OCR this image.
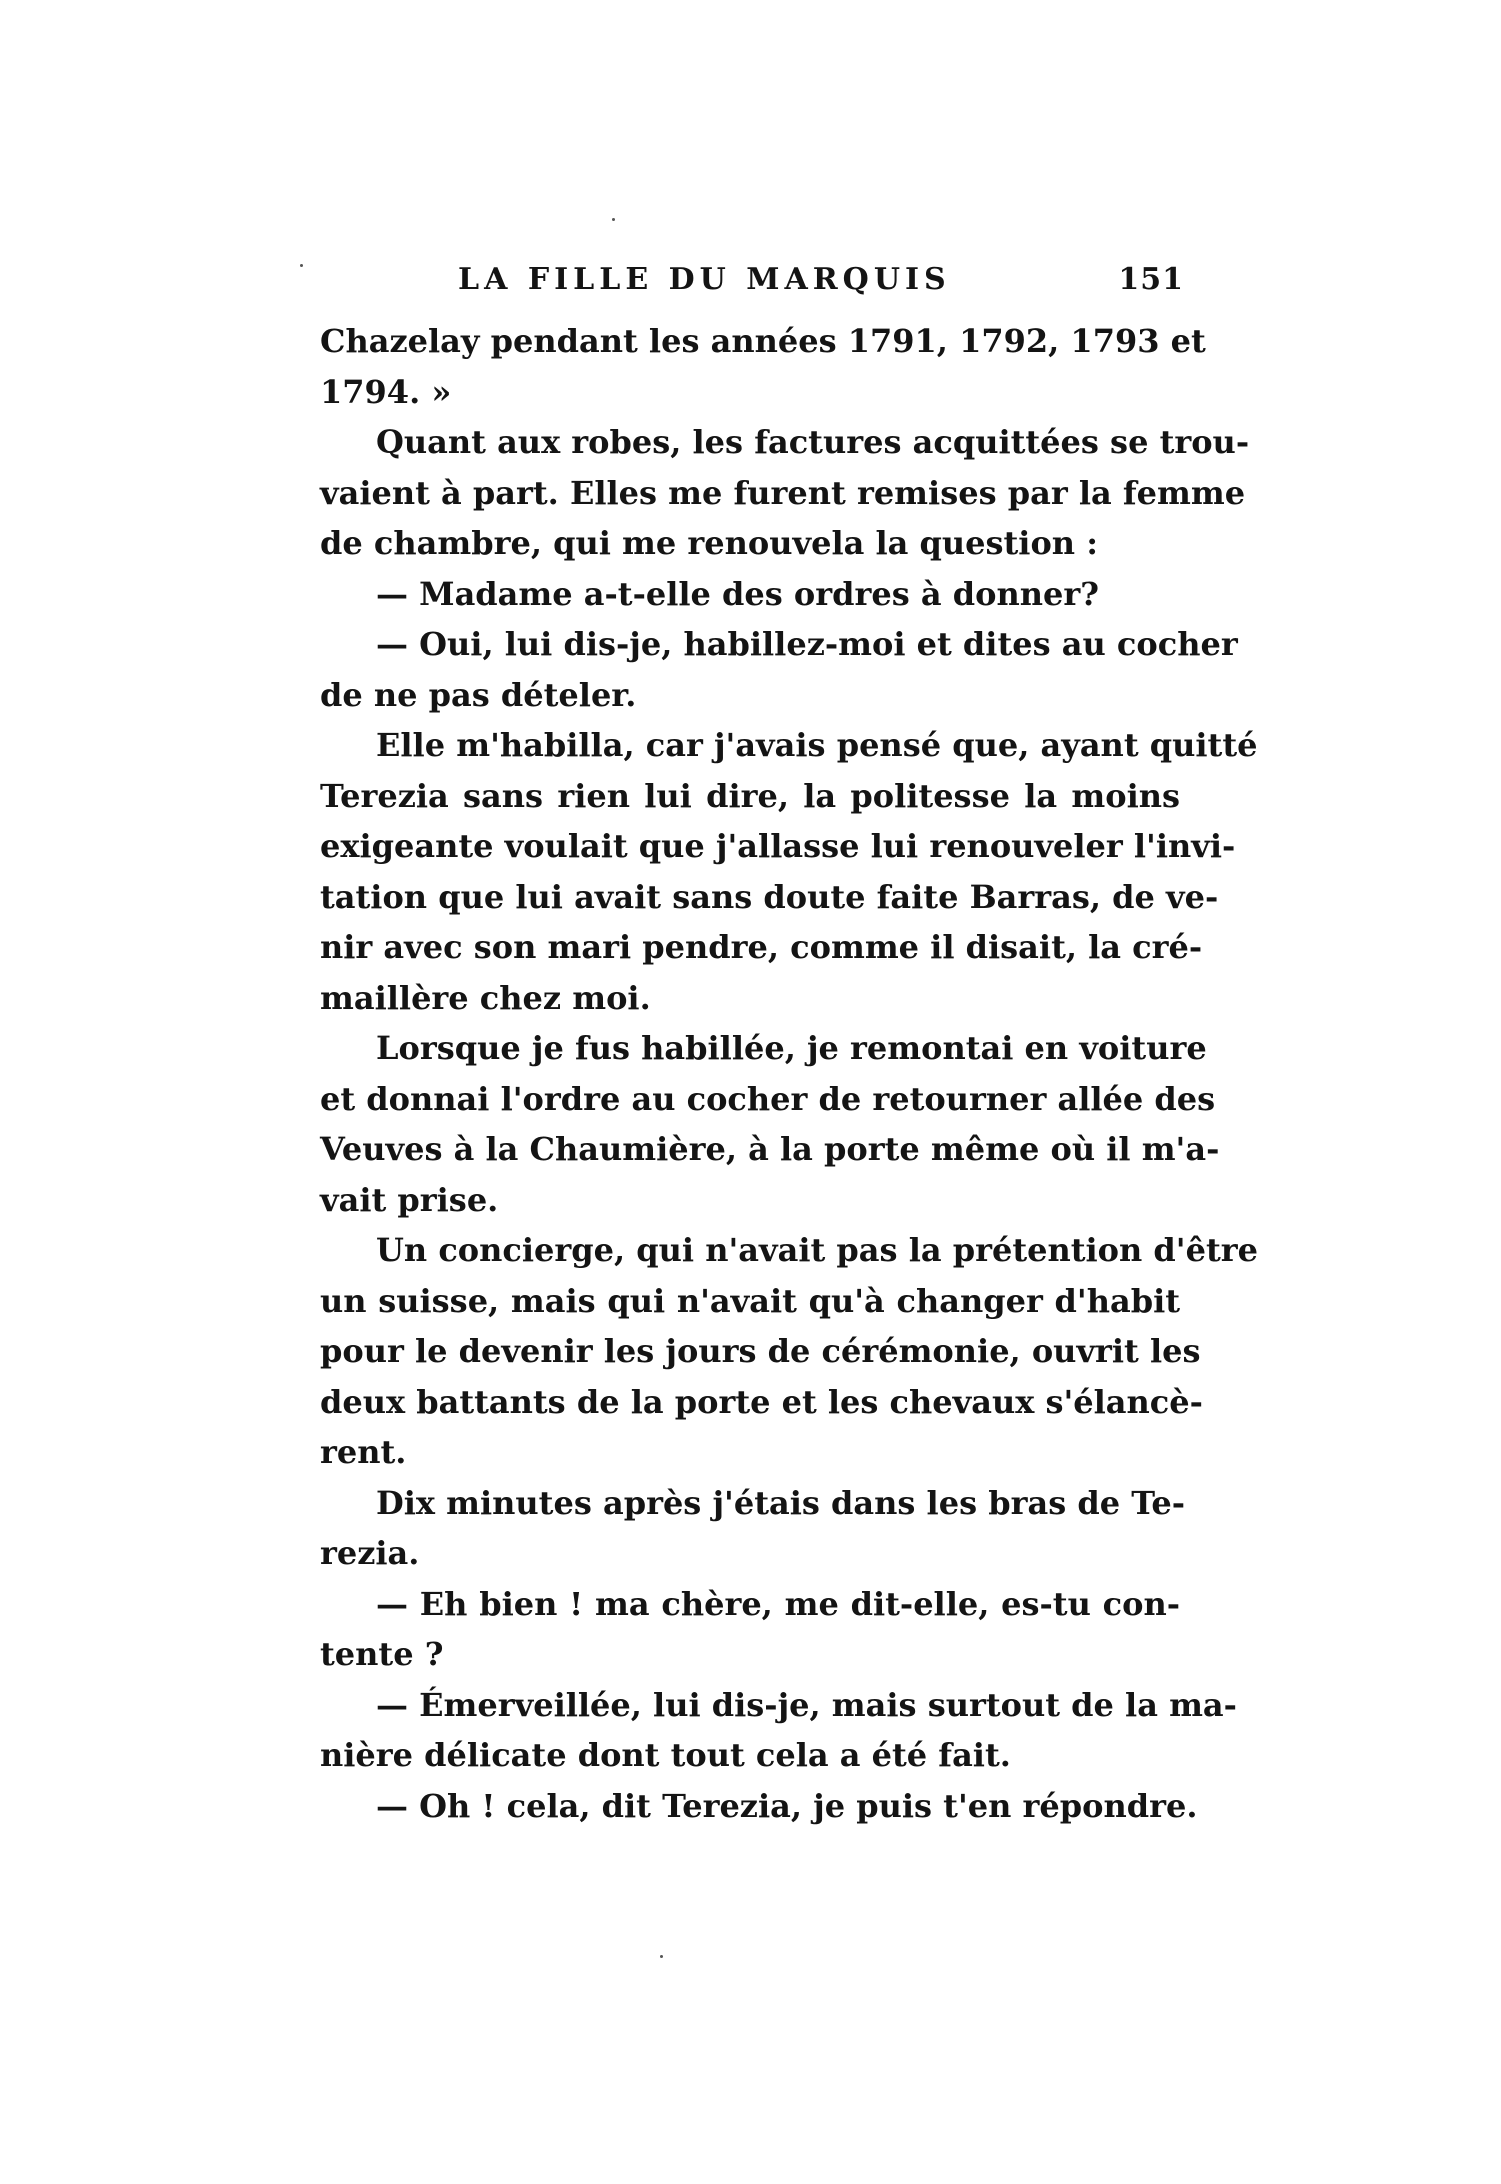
LA FILLE DU MARQUIS	151
Chazelay pendant les années 1791, 1792, 1793 et
1794. »
Quant aux robes, les factures acquittées se trou-
vaient à part. Elles me furent remises par la femme
de chambre, qui me renouvela la question :
— Madame a-t-elle des ordres à donner?
— Oui, lui dis-je, habillez-moi et dites au cocher
de ne pas dételer.
Elle m'habilla, car j'avais pensé que, ayant quitté
Terezia sans rien lui dire, la politesse la moins
exigeante voulait que j'allasse lui renouveler l'invi-
tation que lui avait sans doute faite Barras, de ve-
nir avec son mari pendre, comme il disait, la cré-
maillère chez moi.
Lorsque je fus habillée, je remontai en voiture
et donnai l'ordre au cocher de retourner allée des
Veuves à la Chaumière, à la porte même où il m'a-
vait prise.
Un concierge, qui n'avait pas la prétention d'être
un suisse, mais qui n'avait qu'à changer d'habit
pour le devenir les jours de cérémonie, ouvrit les
deux battants de la porte et les chevaux s'élancè-
rent.
Dix minutes après j'étais dans les bras de Te-
rezia.
— Eh bien ! ma chère, me dit-elle, es-tu con-
tente ?
— Émerveillée, lui dis-je, mais surtout de la ma-
nière délicate dont tout cela a été fait.
— Oh ! cela, dit Terezia, je puis t'en répondre.
